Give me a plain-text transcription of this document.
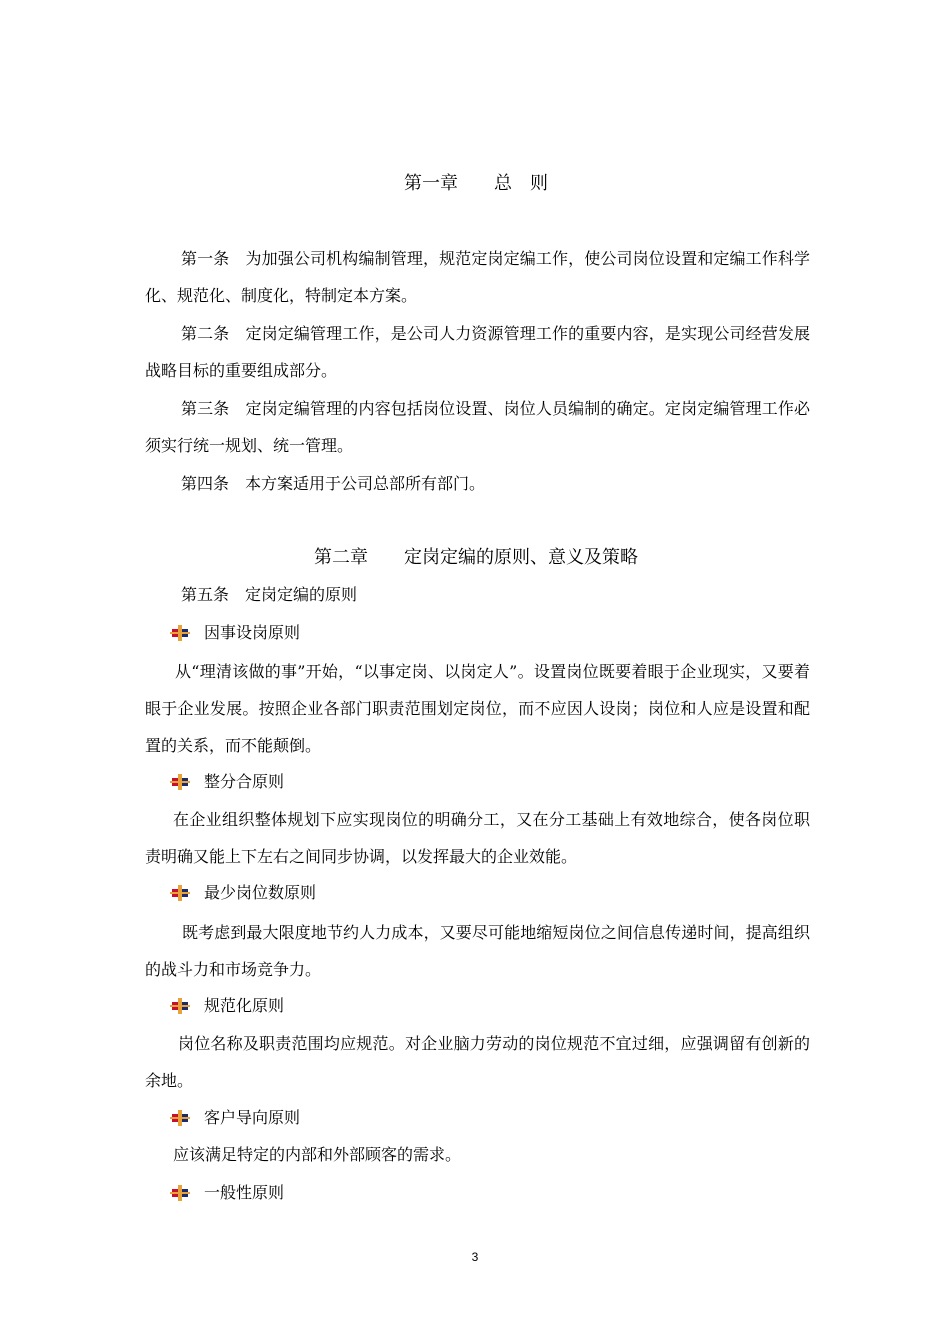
第一章　　总　则

第一条　为加强公司机构编制管理，规范定岗定编工作，使公司岗位设置和定编工作科学化、规范化、制度化，特制定本方案。

第二条　定岗定编管理工作，是公司人力资源管理工作的重要内容，是实现公司经营发展战略目标的重要组成部分。

第三条　定岗定编管理的内容包括岗位设置、岗位人员编制的确定。定岗定编管理工作必须实行统一规划、统一管理。

第四条　本方案适用于公司总部所有部门。
第二章　　定岗定编的原则、意义及策略
第五条　定岗定编的原则
因事设岗原则

从“理清该做的事”开始，“以事定岗、以岗定人”。设置岗位既要着眼于企业现实，又要着眼于企业发展。按照企业各部门职责范围划定岗位，而不应因人设岗；岗位和人应是设置和配置的关系，而不能颠倒。

整分合原则

在企业组织整体规划下应实现岗位的明确分工，又在分工基础上有效地综合，使各岗位职责明确又能上下左右之间同步协调，以发挥最大的企业效能。

最少岗位数原则

既考虑到最大限度地节约人力成本，又要尽可能地缩短岗位之间信息传递时间，提高组织的战斗力和市场竞争力。

规范化原则

岗位名称及职责范围均应规范。对企业脑力劳动的岗位规范不宜过细，应强调留有创新的余地。

客户导向原则
应该满足特定的内部和外部顾客的需求。
一般性原则
3
